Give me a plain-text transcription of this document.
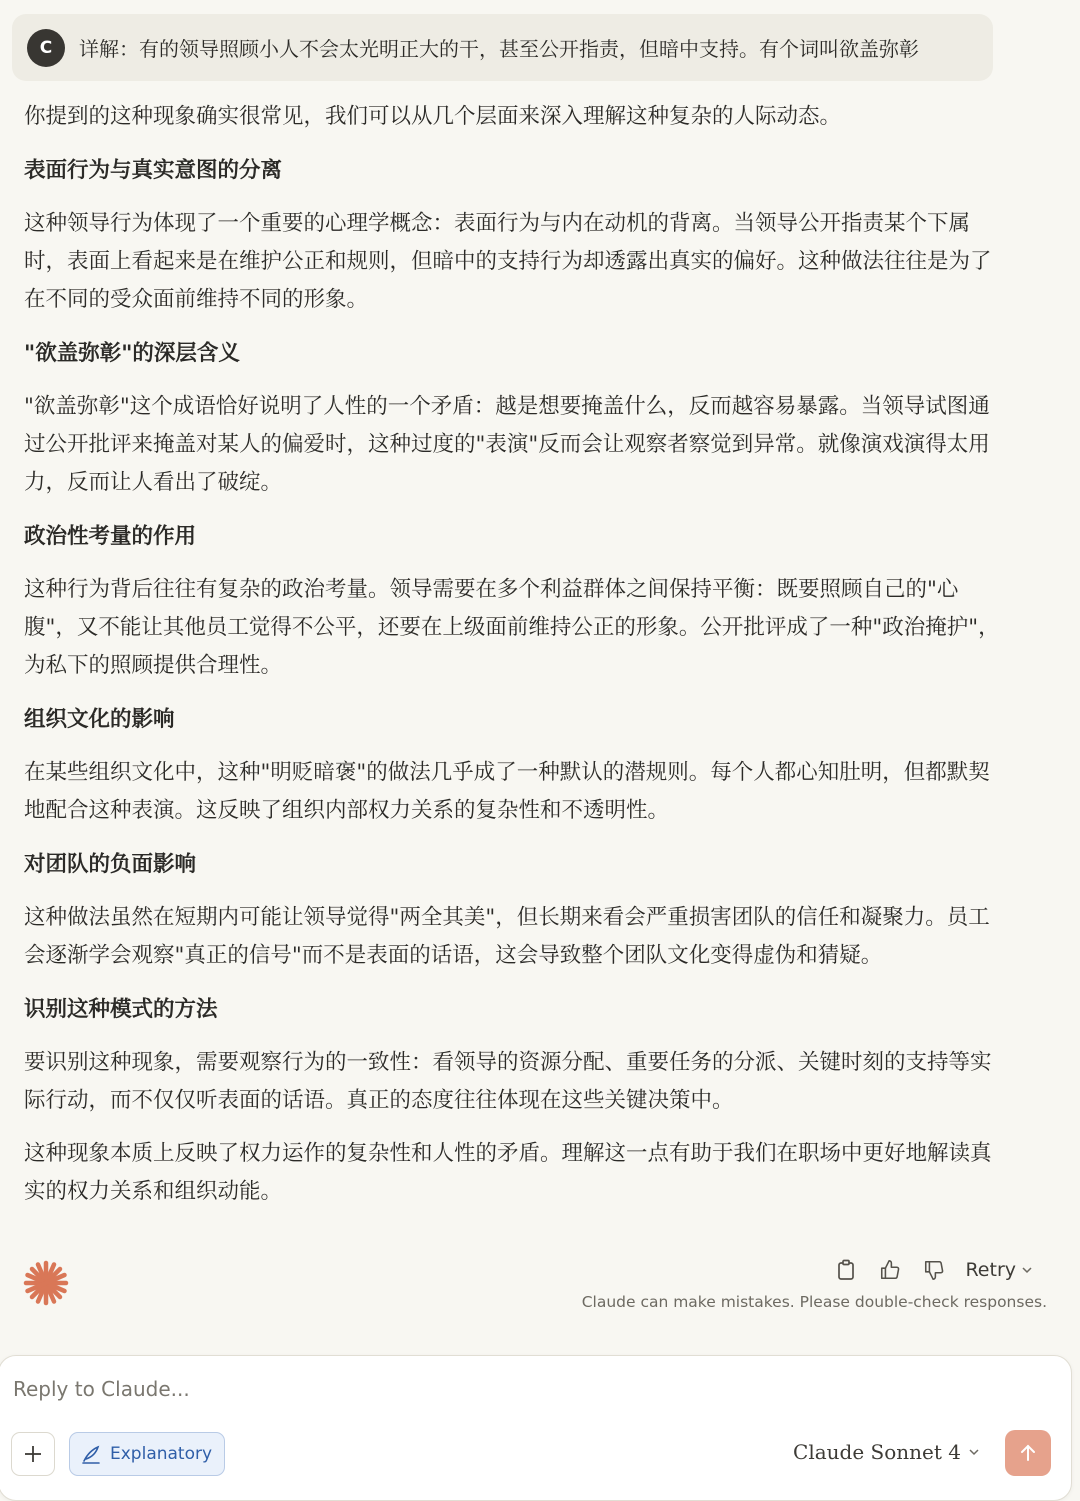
C	详解：有的领导照顾小人不会太光明正大的干，甚至公开指责，但暗中支持。有个词叫欲盖弥彰

你提到的这种现象确实很常见，我们可以从几个层面来深入理解这种复杂的人际动态。

表面行为与真实意图的分离

这种领导行为体现了一个重要的心理学概念：表面行为与内在动机的背离。当领导公开指责某个下属时，表面上看起来是在维护公正和规则，但暗中的支持行为却透露出真实的偏好。这种做法往往是为了在不同的受众面前维持不同的形象。

"欲盖弥彰"的深层含义

"欲盖弥彰"这个成语恰好说明了人性的一个矛盾：越是想要掩盖什么，反而越容易暴露。当领导试图通过公开批评来掩盖对某人的偏爱时，这种过度的"表演"反而会让观察者察觉到异常。就像演戏演得太用力，反而让人看出了破绽。

政治性考量的作用

这种行为背后往往有复杂的政治考量。领导需要在多个利益群体之间保持平衡：既要照顾自己的"心腹"，又不能让其他员工觉得不公平，还要在上级面前维持公正的形象。公开批评成了一种"政治掩护"，为私下的照顾提供合理性。

组织文化的影响

在某些组织文化中，这种"明贬暗褒"的做法几乎成了一种默认的潜规则。每个人都心知肚明，但都默契地配合这种表演。这反映了组织内部权力关系的复杂性和不透明性。

对团队的负面影响

这种做法虽然在短期内可能让领导觉得"两全其美"，但长期来看会严重损害团队的信任和凝聚力。员工会逐渐学会观察"真正的信号"而不是表面的话语，这会导致整个团队文化变得虚伪和猜疑。

识别这种模式的方法

要识别这种现象，需要观察行为的一致性：看领导的资源分配、重要任务的分派、关键时刻的支持等实际行动，而不仅仅听表面的话语。真正的态度往往体现在这些关键决策中。

这种现象本质上反映了权力运作的复杂性和人性的矛盾。理解这一点有助于我们在职场中更好地解读真实的权力关系和组织动能。

Retry
Claude can make mistakes. Please double-check responses.
Reply to Claude...
Explanatory	Claude Sonnet 4
